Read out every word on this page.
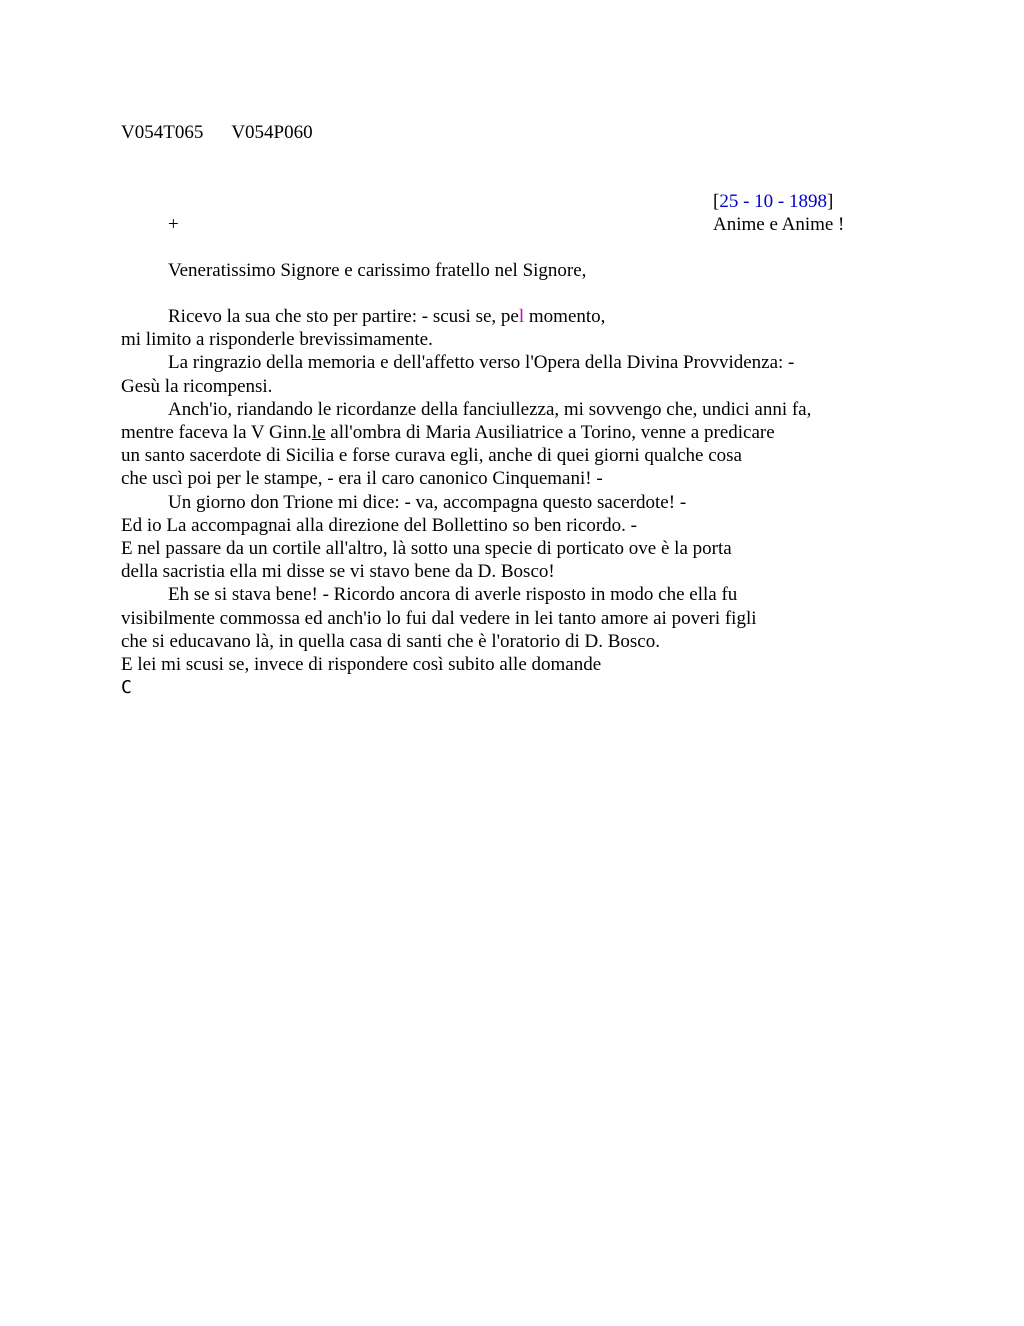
V054T065 V054P060
[25 - 10 - 1898]
Anime e Anime !
+
Veneratissimo Signore e carissimo fratello nel Signore,
Ricevo la sua che sto per partire: - scusi se, pel momento,
mi limito a risponderle brevissimamente.
La ringrazio della memoria e dell'affetto verso l'Opera della Divina Provvidenza: -
Gesù la ricompensi.
Anch'io, riandando le ricordanze della fanciullezza, mi sovvengo che, undici anni fa,
mentre faceva la V Ginn.le all'ombra di Maria Ausiliatrice a Torino, venne a predicare
un santo sacerdote di Sicilia e forse curava egli, anche di quei giorni qualche cosa
che uscì poi per le stampe, - era il caro canonico Cinquemani! -
Un giorno don Trione mi dice: - va, accompagna questo sacerdote! -
Ed io La accompagnai alla direzione del Bollettino so ben ricordo. -
E nel passare da un cortile all'altro, là sotto una specie di porticato ove è la porta
della sacristia ella mi disse se vi stavo bene da D. Bosco!
Eh se si stava bene! - Ricordo ancora di averle risposto in modo che ella fu
visibilmente commossa ed anch'io lo fui dal vedere in lei tanto amore ai poveri figli
che si educavano là, in quella casa di santi che è l'oratorio di D. Bosco.
E lei mi scusi se, invece di rispondere così subito alle domande
C
